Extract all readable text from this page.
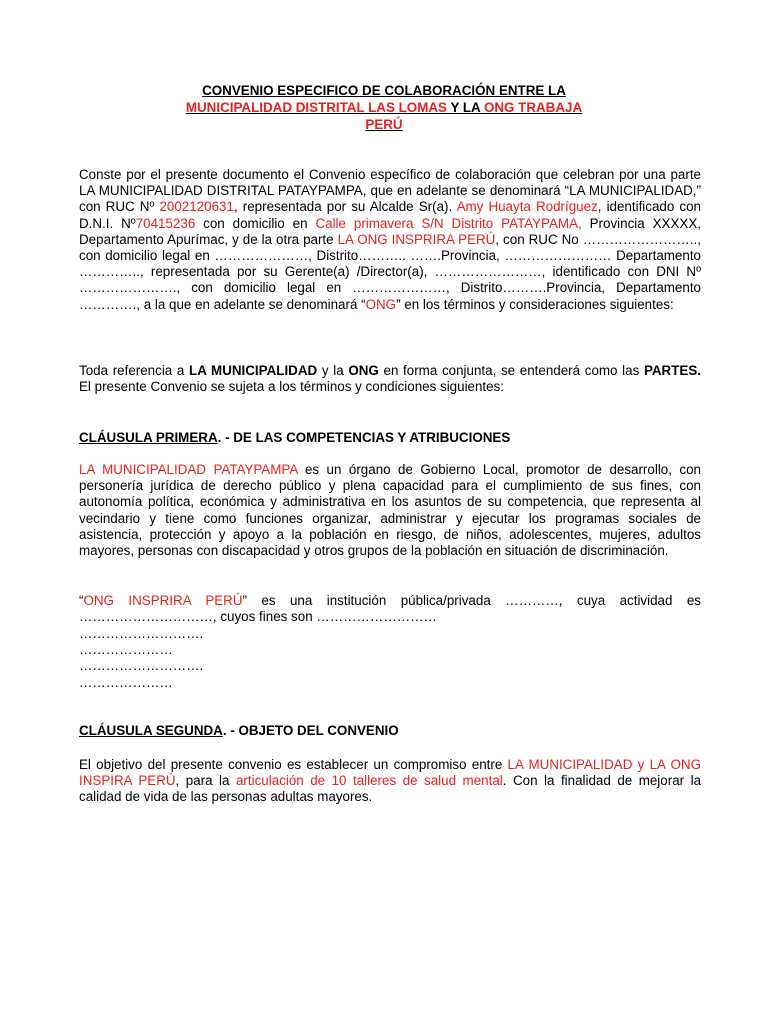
CONVENIO ESPECIFICO DE COLABORACIÓN ENTRE LA
MUNICIPALIDAD DISTRITAL LAS LOMAS Y LA ONG TRABAJA
PERÚ
Conste por el presente documento el Convenio específico de colaboración que celebran por una parte LA MUNICIPALIDAD DISTRITAL PATAYPAMPA, que en adelante se denominará “LA MUNICIPALIDAD,” con RUC Nº 2002120631, representada por su Alcalde Sr(a). Amy Huayta Rodríguez, identificado con D.N.I. Nº70415236 con domicilio en Calle primavera S/N Distrito PATAYPAMA, Provincia XXXXX, Departamento Apurímac, y de la otra parte LA ONG INSPRIRA PERÚ, con RUC No …………………….., con domicilio legal en …………………, Distrito……….. …….Provincia, …………………… Departamento ………….., representada por su Gerente(a) /Director(a), ……………………, identificado con DNI Nº …………………., con domicilio legal en …………………, Distrito……….Provincia, Departamento …………., a la que en adelante se denominará “ONG” en los términos y consideraciones siguientes:
Toda referencia a LA MUNICIPALIDAD y la ONG en forma conjunta, se entenderá como las PARTES. El presente Convenio se sujeta a los términos y condiciones siguientes:
CLÁUSULA PRIMERA. - DE LAS COMPETENCIAS Y ATRIBUCIONES
LA MUNICIPALIDAD PATAYPAMPA es un órgano de Gobierno Local, promotor de desarrollo, con personería jurídica de derecho público y plena capacidad para el cumplimiento de sus fines, con autonomía política, económica y administrativa en los asuntos de su competencia, que representa al vecindario y tiene como funciones organizar, administrar y ejecutar los programas sociales de asistencia, protección y apoyo a la población en riesgo, de niños, adolescentes, mujeres, adultos mayores, personas con discapacidad y otros grupos de la población en situación de discriminación.
“ONG INSPRIRA PERÚ” es una institución pública/privada …………, cuya actividad es …………………………, cuyos fines son ………………………
……………………….
…………………
……………………….
…………………
CLÁUSULA SEGUNDA. - OBJETO DEL CONVENIO
El objetivo del presente convenio es establecer un compromiso entre LA MUNICIPALIDAD y LA ONG INSPIRA PERÚ, para la articulación de 10 talleres de salud mental. Con la finalidad de mejorar la calidad de vida de las personas adultas mayores.
